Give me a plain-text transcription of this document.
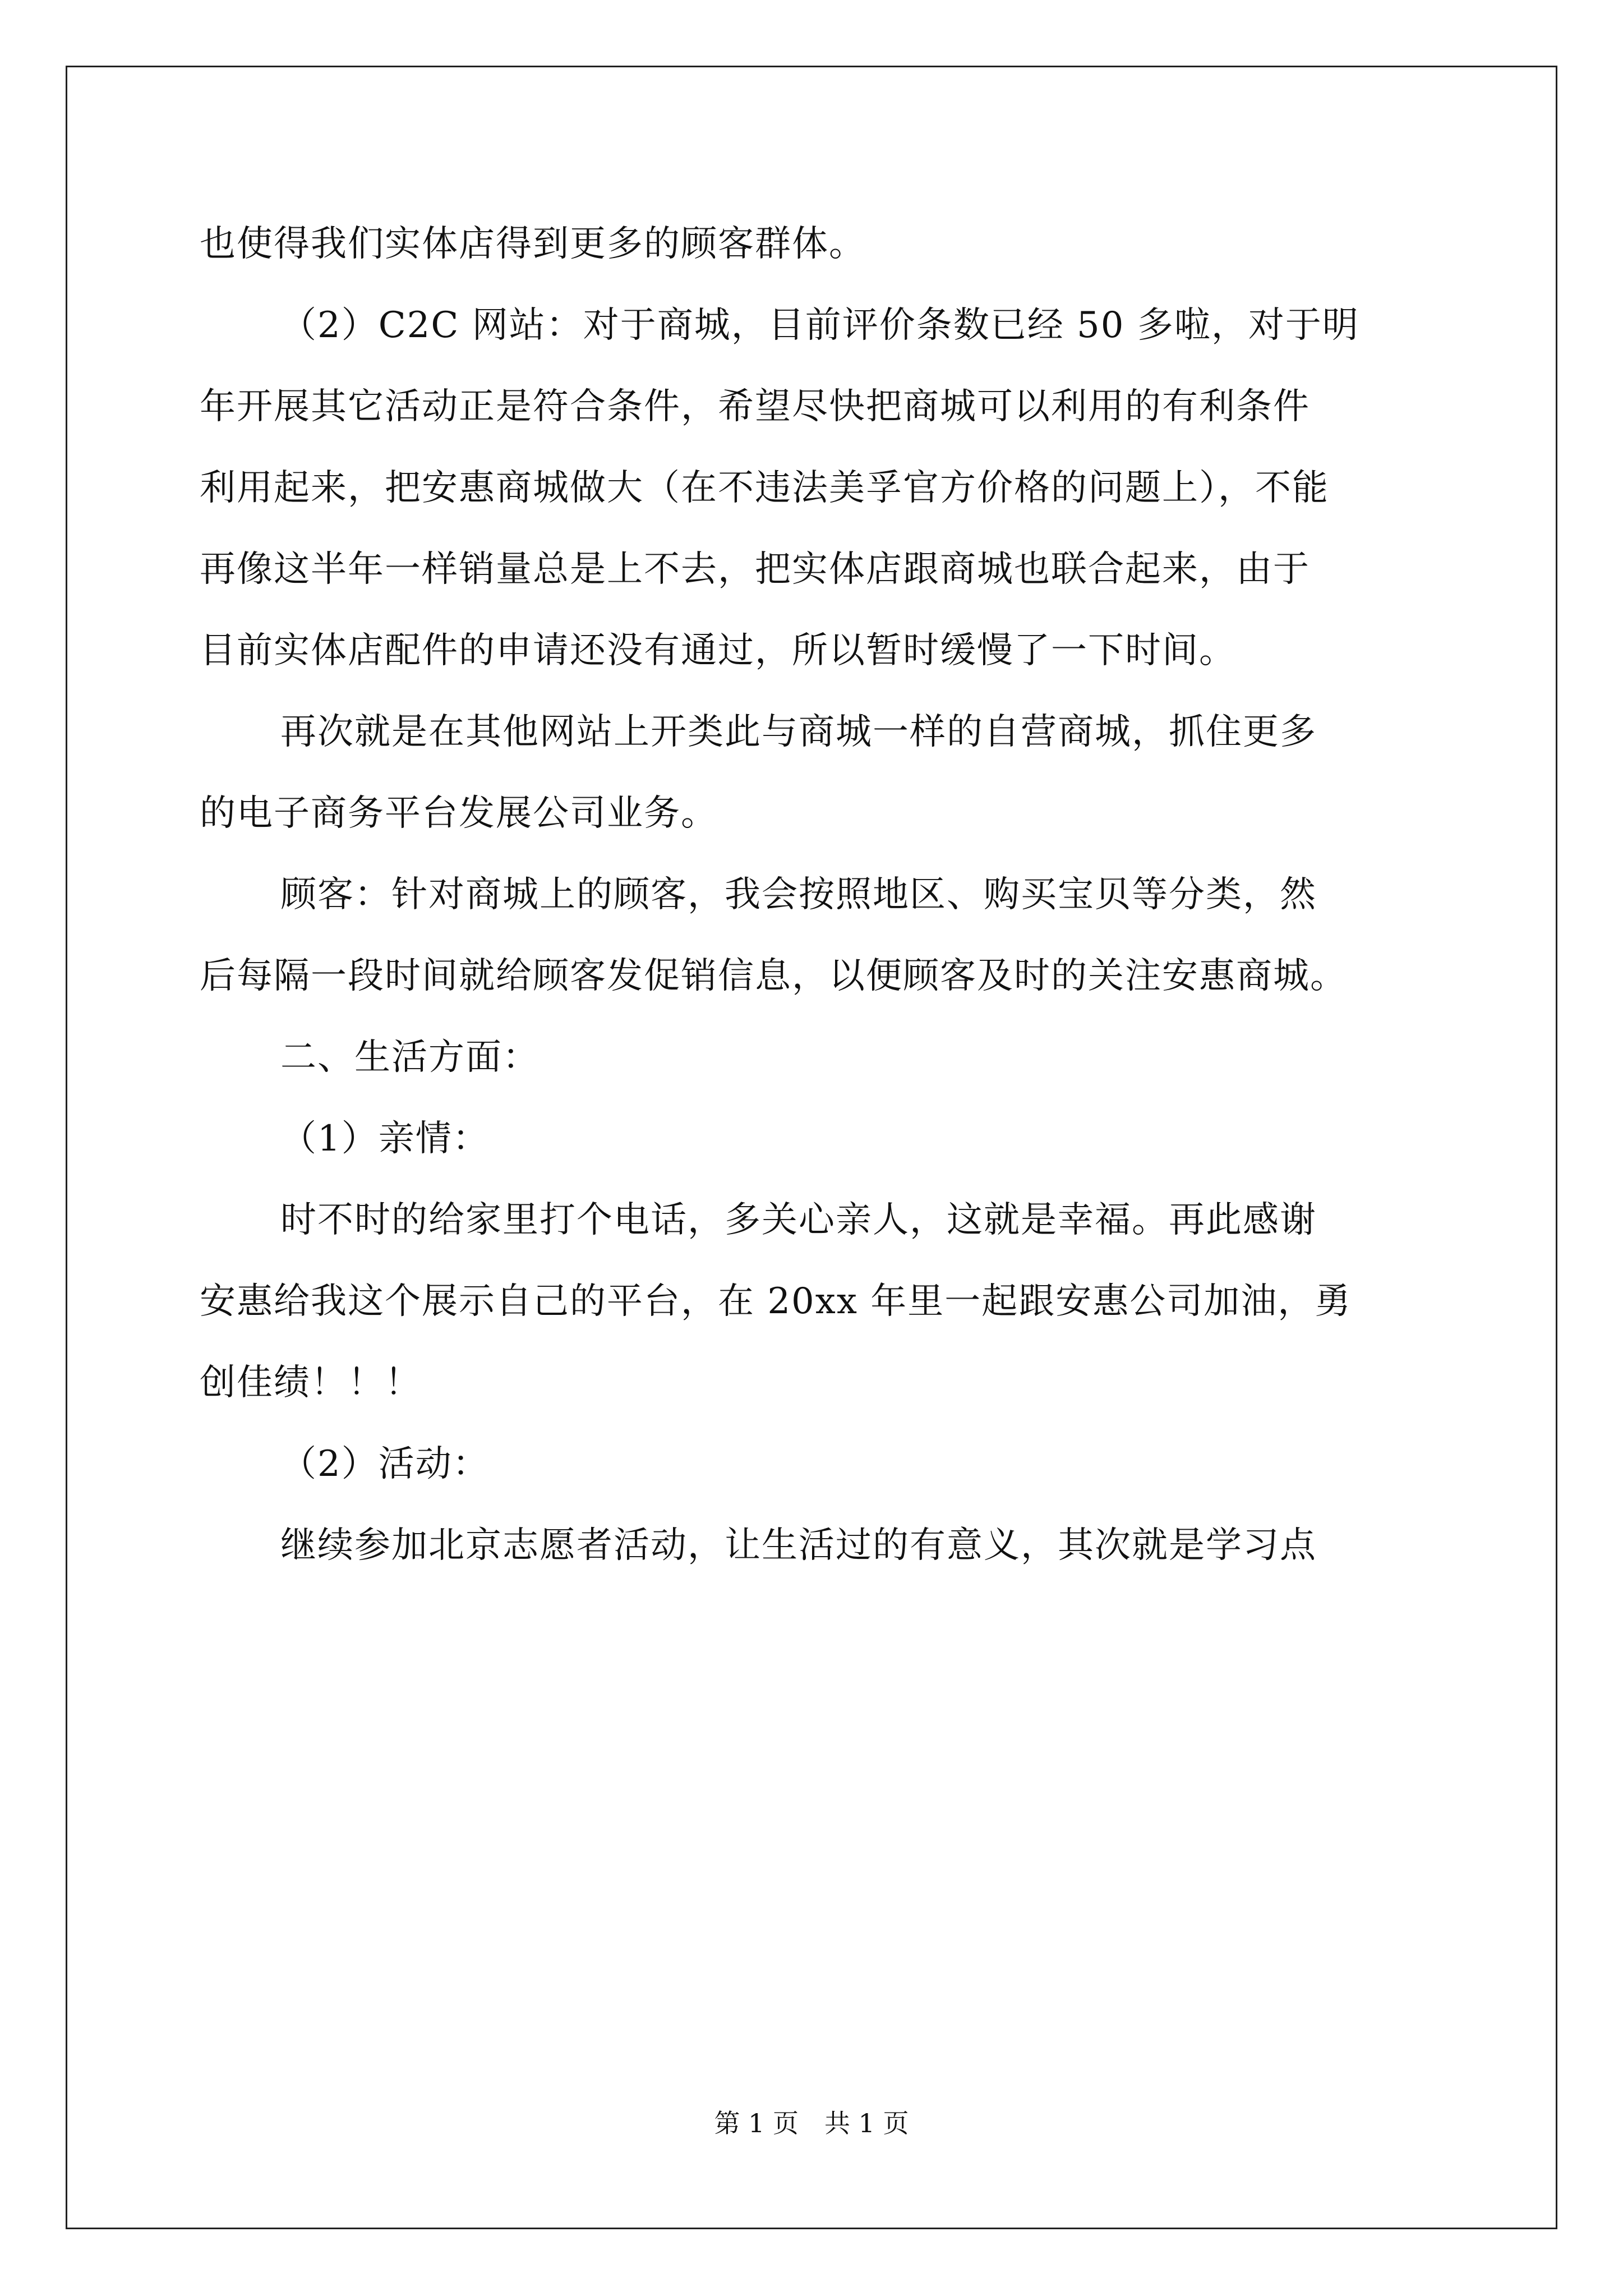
也使得我们实体店得到更多的顾客群体。
（2）C2C 网站：对于商城，目前评价条数已经 50 多啦，对于明
年开展其它活动正是符合条件，希望尽快把商城可以利用的有利条件
利用起来，把安惠商城做大（在不违法美孚官方价格的问题上），不能
再像这半年一样销量总是上不去，把实体店跟商城也联合起来，由于
目前实体店配件的申请还没有通过，所以暂时缓慢了一下时间。
再次就是在其他网站上开类此与商城一样的自营商城，抓住更多
的电子商务平台发展公司业务。
顾客：针对商城上的顾客，我会按照地区、购买宝贝等分类，然
后每隔一段时间就给顾客发促销信息，以便顾客及时的关注安惠商城。
二、生活方面：
（1）亲情：
时不时的给家里打个电话，多关心亲人，这就是幸福。再此感谢
安惠给我这个展示自己的平台，在 20xx 年里一起跟安惠公司加油，勇
创佳绩！！！
（2）活动：
继续参加北京志愿者活动，让生活过的有意义，其次就是学习点
第 1 页　共 1 页
